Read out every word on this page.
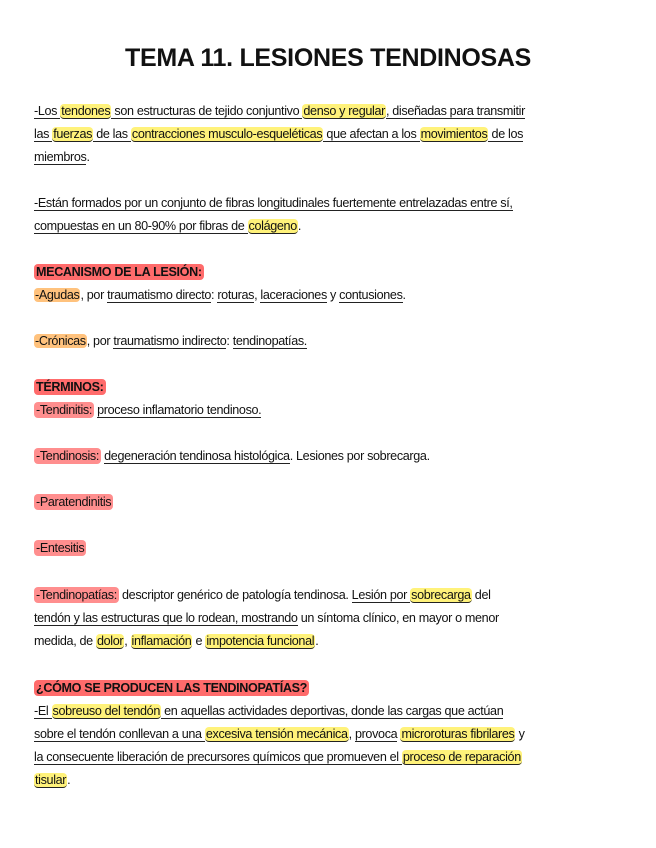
TEMA 11. LESIONES TENDINOSAS
-Los tendones son estructuras de tejido conjuntivo denso y regular, diseñadas para transmitir
las fuerzas de las contracciones musculo-esqueléticas que afectan a los movimientos de los
miembros.
-Están formados por un conjunto de fibras longitudinales fuertemente entrelazadas entre sí,
compuestas en un 80-90% por fibras de colágeno.
MECANISMO DE LA LESIÓN:
-Agudas, por traumatismo directo: roturas, laceraciones y contusiones.
-Crónicas, por traumatismo indirecto: tendinopatías.
TÉRMINOS:
-Tendinitis: proceso inflamatorio tendinoso.
-Tendinosis: degeneración tendinosa histológica. Lesiones por sobrecarga.
-Paratendinitis
-Entesitis
-Tendinopatías: descriptor genérico de patología tendinosa. Lesión por sobrecarga del
tendón y las estructuras que lo rodean, mostrando un síntoma clínico, en mayor o menor
medida, de dolor, inflamación e impotencia funcional.
¿CÓMO SE PRODUCEN LAS TENDINOPATÍAS?
-El sobreuso del tendón en aquellas actividades deportivas, donde las cargas que actúan
sobre el tendón conllevan a una excesiva tensión mecánica, provoca microroturas fibrilares y
la consecuente liberación de precursores químicos que promueven el proceso de reparación
tisular.
